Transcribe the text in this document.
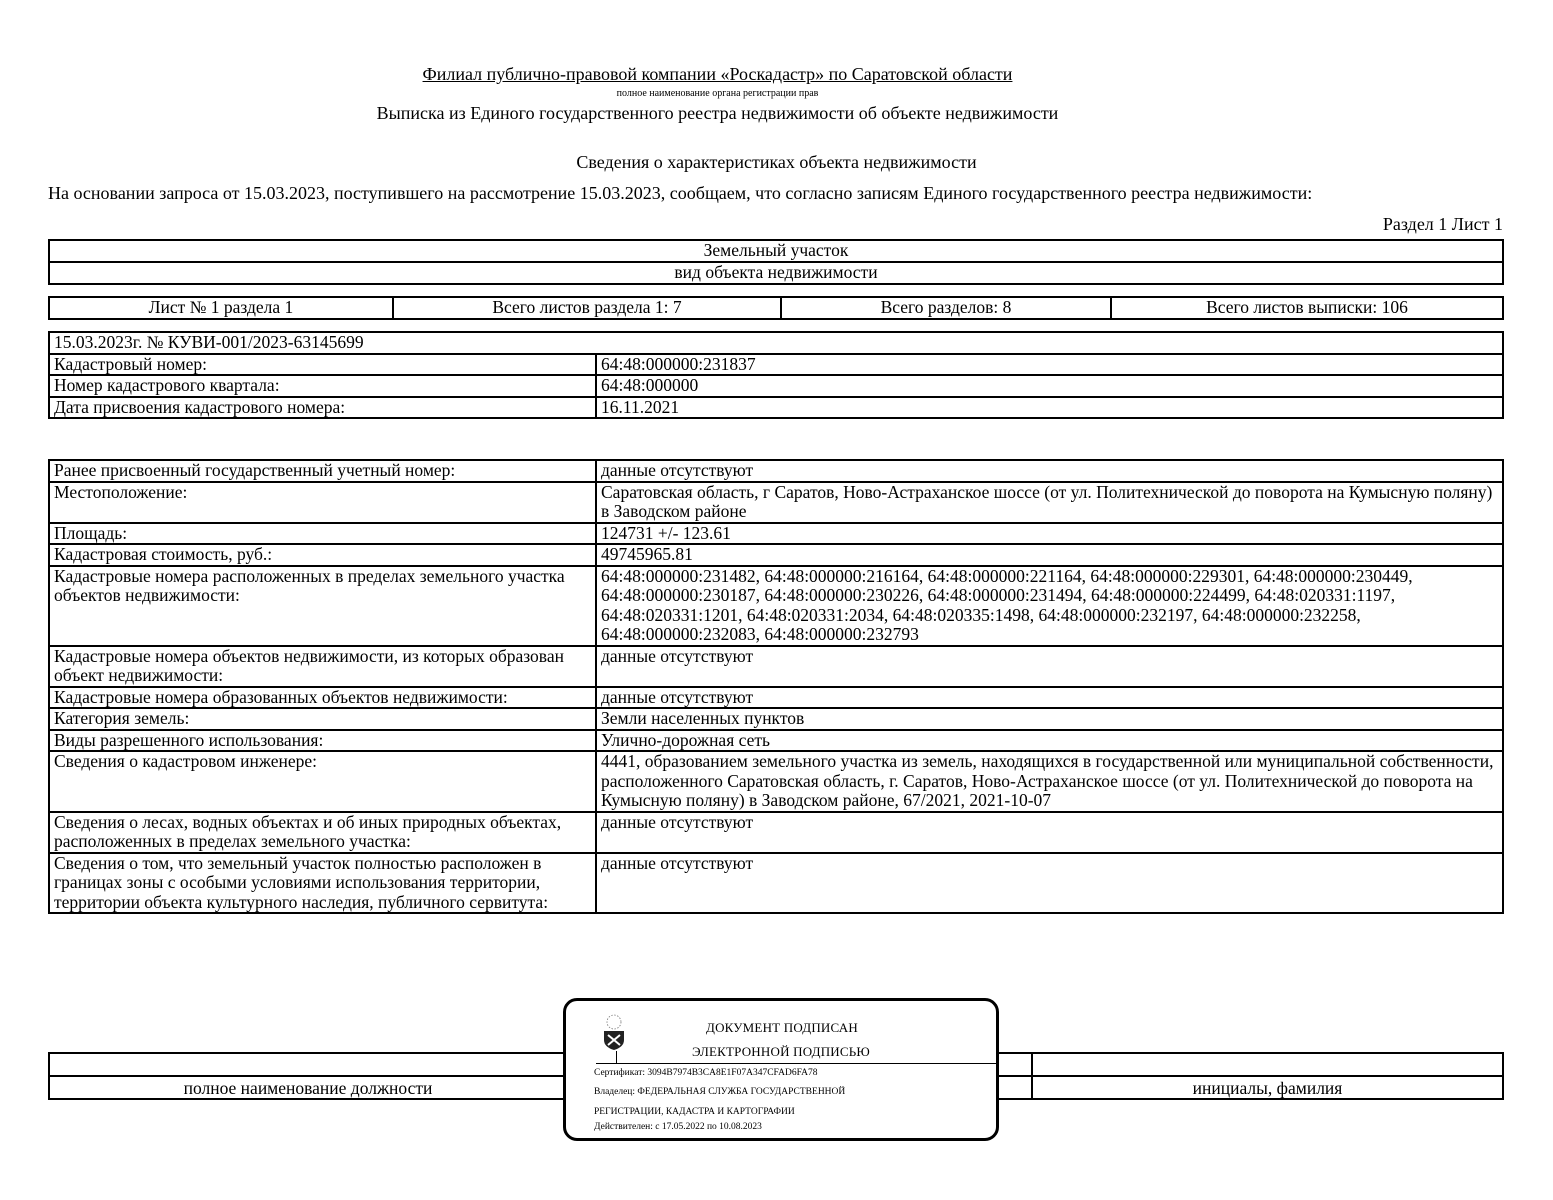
Филиал публично-правовой компании «Роскадастр» по Саратовской области
полное наименование органа регистрации прав
Выписка из Единого государственного реестра недвижимости об объекте недвижимости
Сведения о характеристиках объекта недвижимости
На основании запроса от 15.03.2023, поступившего на рассмотрение 15.03.2023, сообщаем, что согласно записям Единого государственного реестра недвижимости:
Раздел 1 Лист 1
Земельный участок
вид объекта недвижимости
Лист № 1 раздела 1	Всего листов раздела 1: 7	Всего разделов: 8	Всего листов выписки: 106
15.03.2023г. № КУВИ-001/2023-63145699	
Кадастровый номер:	64:48:000000:231837
Номер кадастрового квартала:	64:48:000000
Дата присвоения кадастрового номера:	16.11.2021
Ранее присвоенный государственный учетный номер:	данные отсутствуют
Местоположение:	Саратовская область, г Саратов, Ново-Астраханское шоссе (от ул. Политехнической до поворота на Кумысную поляну) в Заводском районе
Площадь:	124731 +/- 123.61
Кадастровая стоимость, руб.:	49745965.81
Кадастровые номера расположенных в пределах земельного участка объектов недвижимости:	64:48:000000:231482, 64:48:000000:216164, 64:48:000000:221164, 64:48:000000:229301, 64:48:000000:230449, 64:48:000000:230187, 64:48:000000:230226, 64:48:000000:231494, 64:48:000000:224499, 64:48:020331:1197, 64:48:020331:1201, 64:48:020331:2034, 64:48:020335:1498, 64:48:000000:232197, 64:48:000000:232258, 64:48:000000:232083, 64:48:000000:232793
Кадастровые номера объектов недвижимости, из которых образован объект недвижимости:	данные отсутствуют
Кадастровые номера образованных объектов недвижимости:	данные отсутствуют
Категория земель:	Земли населенных пунктов
Виды разрешенного использования:	Улично-дорожная сеть
Сведения о кадастровом инженере:	4441, образованием земельного участка из земель, находящихся в государственной или муниципальной собственности, расположенного Саратовская область, г. Саратов, Ново-Астраханское шоссе (от ул. Политехнической до поворота на Кумысную поляну) в Заводском районе, 67/2021, 2021-10-07
Сведения о лесах, водных объектах и об иных природных объектах, расположенных в пределах земельного участка:	данные отсутствуют
Сведения о том, что земельный участок полностью расположен в границах зоны с особыми условиями использования территории, территории объекта культурного наследия, публичного сервитута:	данные отсутствуют

полное наименование должности		инициалы, фамилия
ДОКУМЕНТ ПОДПИСАН
ЭЛЕКТРОННОЙ ПОДПИСЬЮ
Сертификат: 3094B7974B3CA8E1F07A347CFAD6FA78
Владелец: ФЕДЕРАЛЬНАЯ СЛУЖБА ГОСУДАРСТВЕННОЙ
РЕГИСТРАЦИИ, КАДАСТРА И КАРТОГРАФИИ
Действителен: с 17.05.2022 по 10.08.2023
